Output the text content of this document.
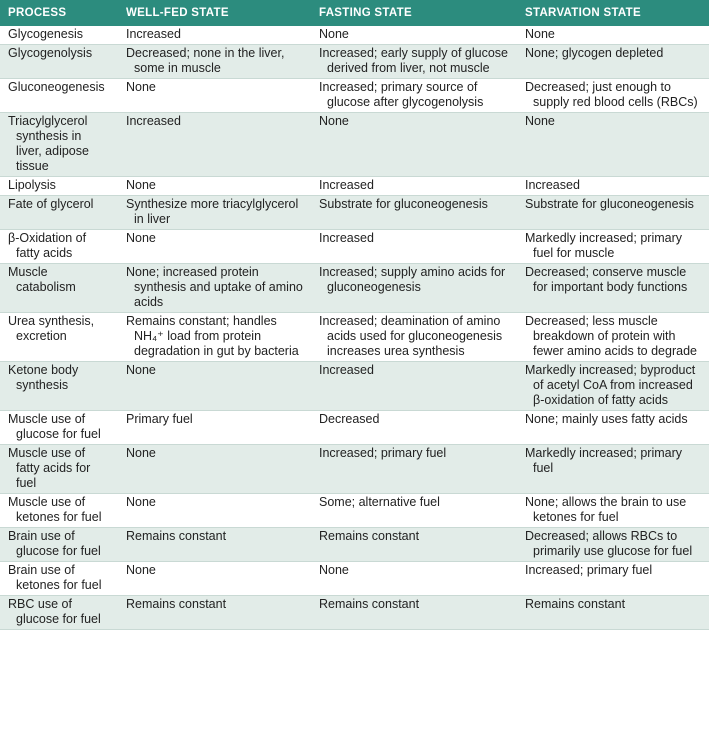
PROCESS	WELL-FED STATE	FASTING STATE	STARVATION STATE
Glycogenesis	Increased	None	None
Glycogenolysis	Decreased; none in the liver, some in muscle	Increased; early supply of glucose derived from liver, not muscle	None; glycogen depleted
Gluconeogenesis	None	Increased; primary source of glucose after glycogenolysis	Decreased; just enough to supply red blood cells (RBCs)
Triacylglycerol synthesis in liver, adipose tissue	Increased	None	None
Lipolysis	None	Increased	Increased
Fate of glycerol	Synthesize more triacylglycerol in liver	Substrate for gluconeogenesis	Substrate for gluconeogenesis
β-Oxidation of fatty acids	None	Increased	Markedly increased; primary fuel for muscle
Muscle catabolism	None; increased protein synthesis and uptake of amino acids	Increased; supply amino acids for gluconeogenesis	Decreased; conserve muscle for important body functions
Urea synthesis, excretion	Remains constant; handles NH₄⁺ load from protein degradation in gut by bacteria	Increased; deamination of amino acids used for gluconeogenesis increases urea synthesis	Decreased; less muscle breakdown of protein with fewer amino acids to degrade
Ketone body synthesis	None	Increased	Markedly increased; byproduct of acetyl CoA from increased β-oxidation of fatty acids
Muscle use of glucose for fuel	Primary fuel	Decreased	None; mainly uses fatty acids
Muscle use of fatty acids for fuel	None	Increased; primary fuel	Markedly increased; primary fuel
Muscle use of ketones for fuel	None	Some; alternative fuel	None; allows the brain to use ketones for fuel
Brain use of glucose for fuel	Remains constant	Remains constant	Decreased; allows RBCs to primarily use glucose for fuel
Brain use of ketones for fuel	None	None	Increased; primary fuel
RBC use of glucose for fuel	Remains constant	Remains constant	Remains constant
